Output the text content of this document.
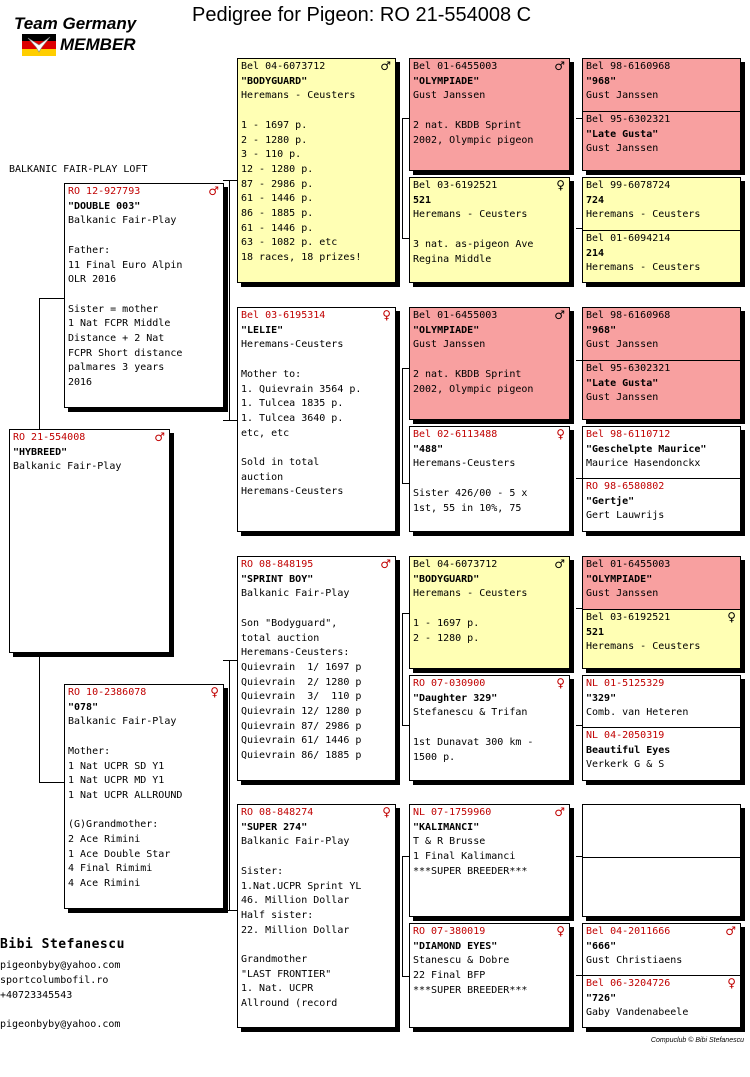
Team Germany
MEMBER
Pedigree for Pigeon: RO 21-554008 C
BALKANIC FAIR-PLAY LOFT
RO 21-554008	♂
"HYBREED"
Balkanic Fair-Play
RO 12-927793	♂
"DOUBLE 003"
Balkanic Fair-Play
Father:
11 Final Euro Alpin
OLR 2016
Sister = mother
1 Nat FCPR Middle
Distance + 2 Nat
FCPR Short distance
palmares 3 years
2016
RO 10-2386078	♀
"078"
Balkanic Fair-Play
Mother:
1 Nat UCPR SD Y1
1 Nat UCPR MD Y1
1 Nat UCPR ALLROUND
(G)Grandmother:
2 Ace Rimini
1 Ace Double Star
4 Final Rimimi
4 Ace Rimini
Bel 04-6073712	♂
"BODYGUARD"
Heremans - Ceusters
1 - 1697 p.
2 - 1280 p.
3 - 110 p.
12 - 1280 p.
87 - 2986 p.
61 - 1446 p.
86 - 1885 p.
61 - 1446 p.
63 - 1082 p. etc
18 races, 18 prizes!
Bel 03-6195314	♀
"LELIE"
Heremans-Ceusters
Mother to:
1. Quievrain 3564 p.
1. Tulcea 1835 p.
1. Tulcea 3640 p.
etc, etc
Sold in total
auction
Heremans-Ceusters
RO 08-848195	♂
"SPRINT BOY"
Balkanic Fair-Play
Son "Bodyguard",
total auction
Heremans-Ceusters:
Quievrain  1/ 1697 p
Quievrain  2/ 1280 p
Quievrain  3/  110 p
Quievrain 12/ 1280 p
Quievrain 87/ 2986 p
Quievrain 61/ 1446 p
Quievrain 86/ 1885 p
RO 08-848274	♀
"SUPER 274"
Balkanic Fair-Play
Sister:
1.Nat.UCPR Sprint YL
46. Million Dollar
Half sister:
22. Million Dollar
Grandmother
"LAST FRONTIER"
1. Nat. UCPR
Allround (record
Bel 01-6455003	♂
"OLYMPIADE"
Gust Janssen
2 nat. KBDB Sprint
2002, Olympic pigeon
Bel 03-6192521	♀
521
Heremans - Ceusters
3 nat. as-pigeon Ave
Regina Middle
Bel 01-6455003	♂
"OLYMPIADE"
Gust Janssen
2 nat. KBDB Sprint
2002, Olympic pigeon
Bel 02-6113488	♀
"488"
Heremans-Ceusters
Sister 426/00 - 5 x
1st, 55 in 10%, 75
Bel 04-6073712	♂
"BODYGUARD"
Heremans - Ceusters
1 - 1697 p.
2 - 1280 p.
RO 07-030900	♀
"Daughter 329"
Stefanescu & Trifan
1st Dunavat 300 km -
1500 p.
NL 07-1759960	♂
"KALIMANCI"
T & R Brusse
1 Final Kalimanci
***SUPER BREEDER***
RO 07-380019	♀
"DIAMOND EYES"
Stanescu & Dobre
22 Final BFP
***SUPER BREEDER***
Bel 98-6160968
"968"
Gust Janssen
Bel 95-6302321
"Late Gusta"
Gust Janssen
Bel 99-6078724
724
Heremans - Ceusters
Bel 01-6094214
214
Heremans - Ceusters
Bel 98-6160968
"968"
Gust Janssen
Bel 95-6302321
"Late Gusta"
Gust Janssen
Bel 98-6110712
"Geschelpte Maurice"
Maurice Hasendonckx
RO 98-6580802
"Gertje"
Gert Lauwrijs
Bel 01-6455003
"OLYMPIADE"
Gust Janssen
Bel 03-6192521	♀
521
Heremans - Ceusters
NL 01-5125329
"329"
Comb. van Heteren
NL 04-2050319
Beautiful Eyes
Verkerk G & S
Bel 04-2011666	♂
"666"
Gust Christiaens
Bel 06-3204726	♀
"726"
Gaby Vandenabeele
Bibi Stefanescu
pigeonbyby@yahoo.com
sportcolumbofil.ro
+40723345543
pigeonbyby@yahoo.com
Compuclub © Bibi Stefanescu
